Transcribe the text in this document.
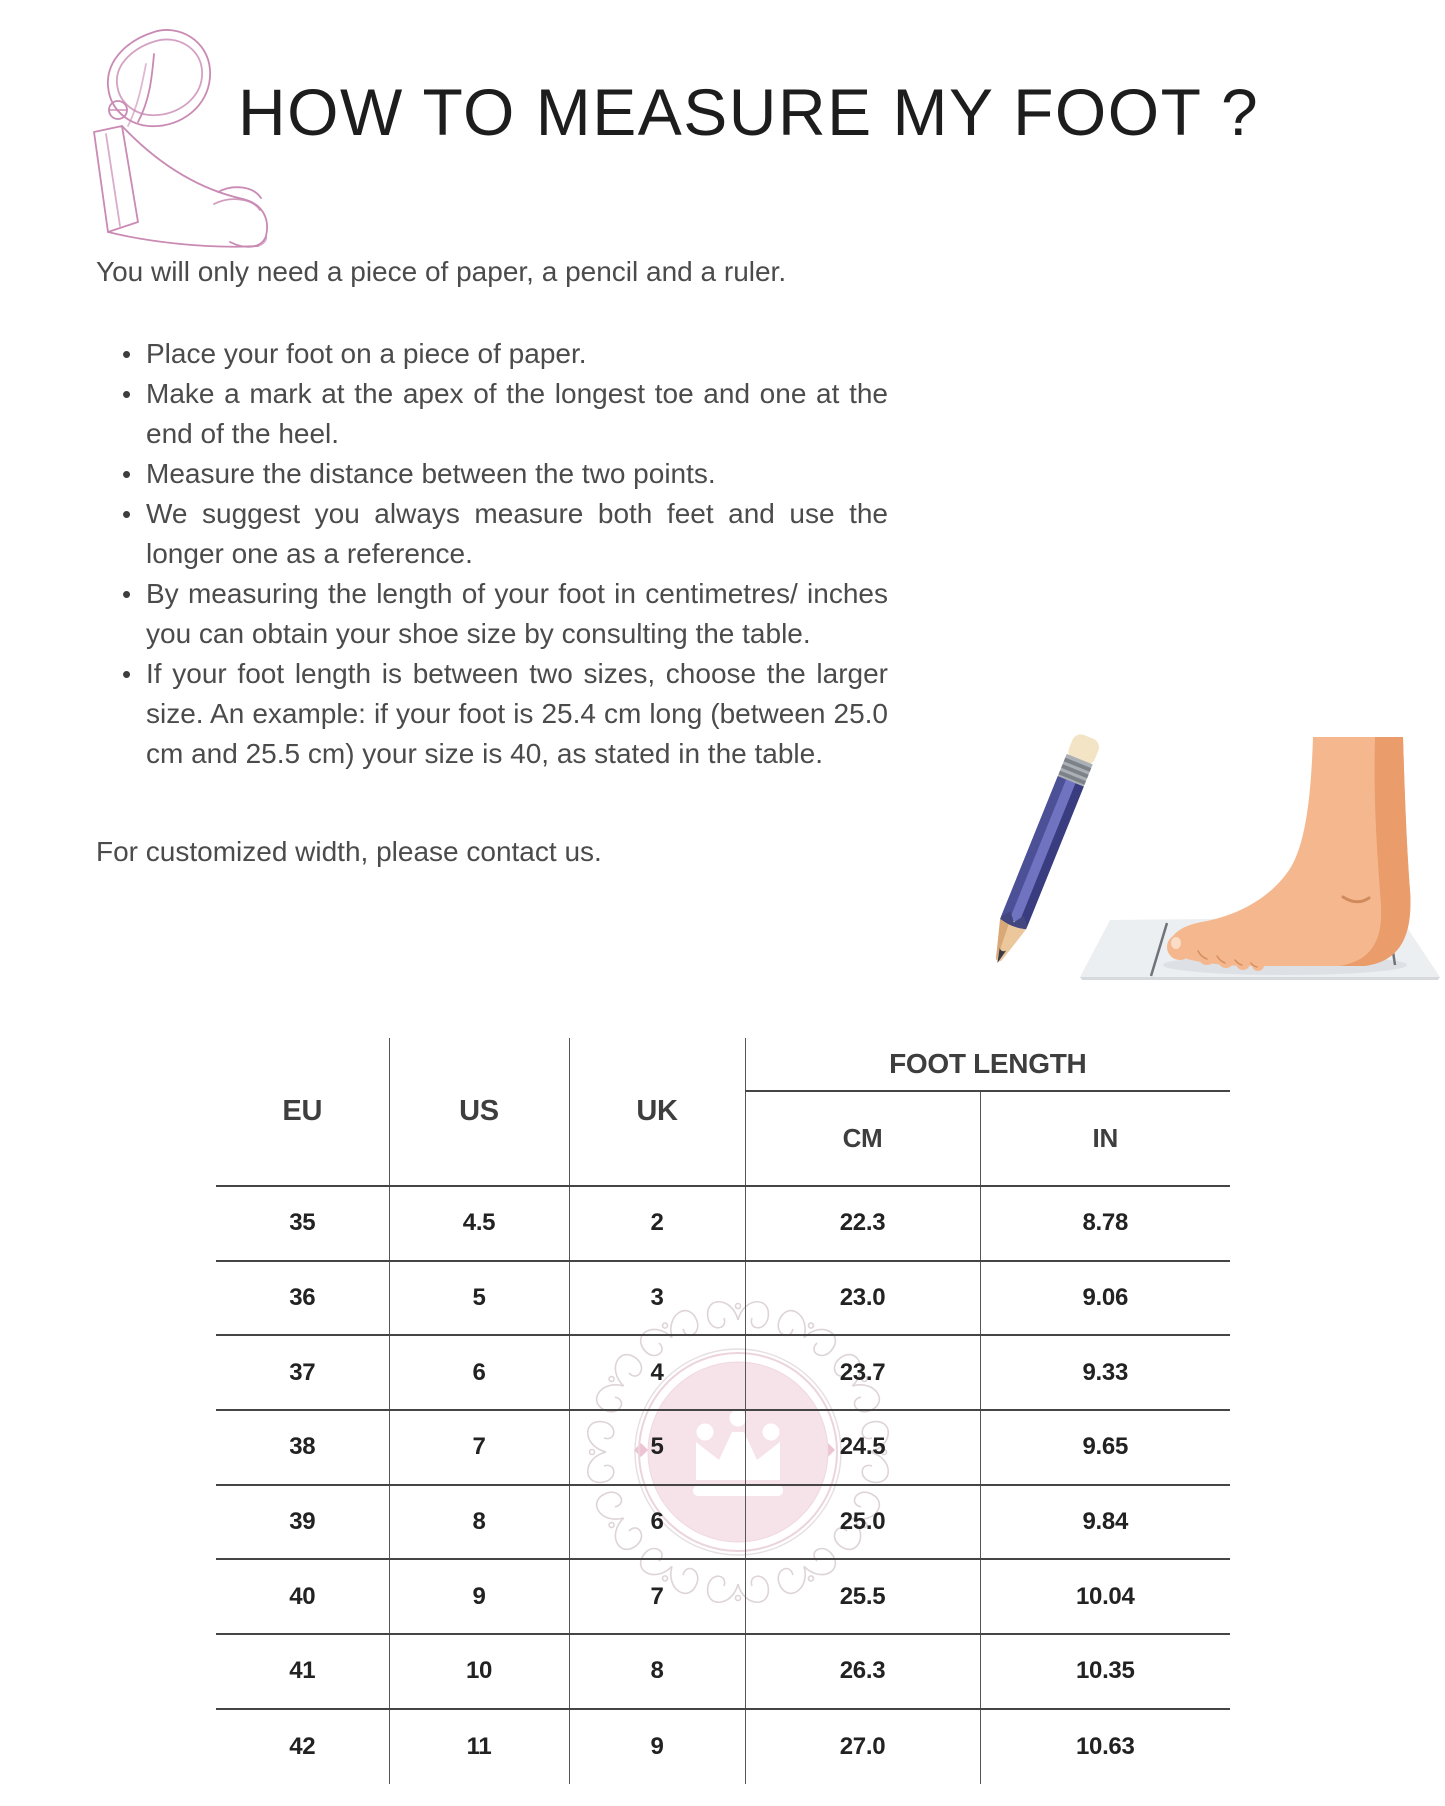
HOW TO MEASURE MY FOOT ?

You will only need a piece of paper, a pencil and a ruler.

• Place your foot on a piece of paper.
• Make a mark at the apex of the longest toe and one at the end of the heel.
• Measure the distance between the two points.
• We suggest you always measure both feet and use the longer one as a reference.
• By measuring the length of your foot in centimetres/ inches you can obtain your shoe size by consulting the table.
• If your foot length is between two sizes, choose the larger size. An example: if your foot is 25.4 cm long (between 25.0 cm and 25.5 cm) your size is 40, as stated in the table.

For customized width, please contact us.

EU	US	UK	FOOT LENGTH	
			CM	IN
35	4.5	2	22.3	8.78
36	5	3	23.0	9.06
37	6	4	23.7	9.33
38	7	5	24.5	9.65
39	8	6	25.0	9.84
40	9	7	25.5	10.04
41	10	8	26.3	10.35
42	11	9	27.0	10.63
